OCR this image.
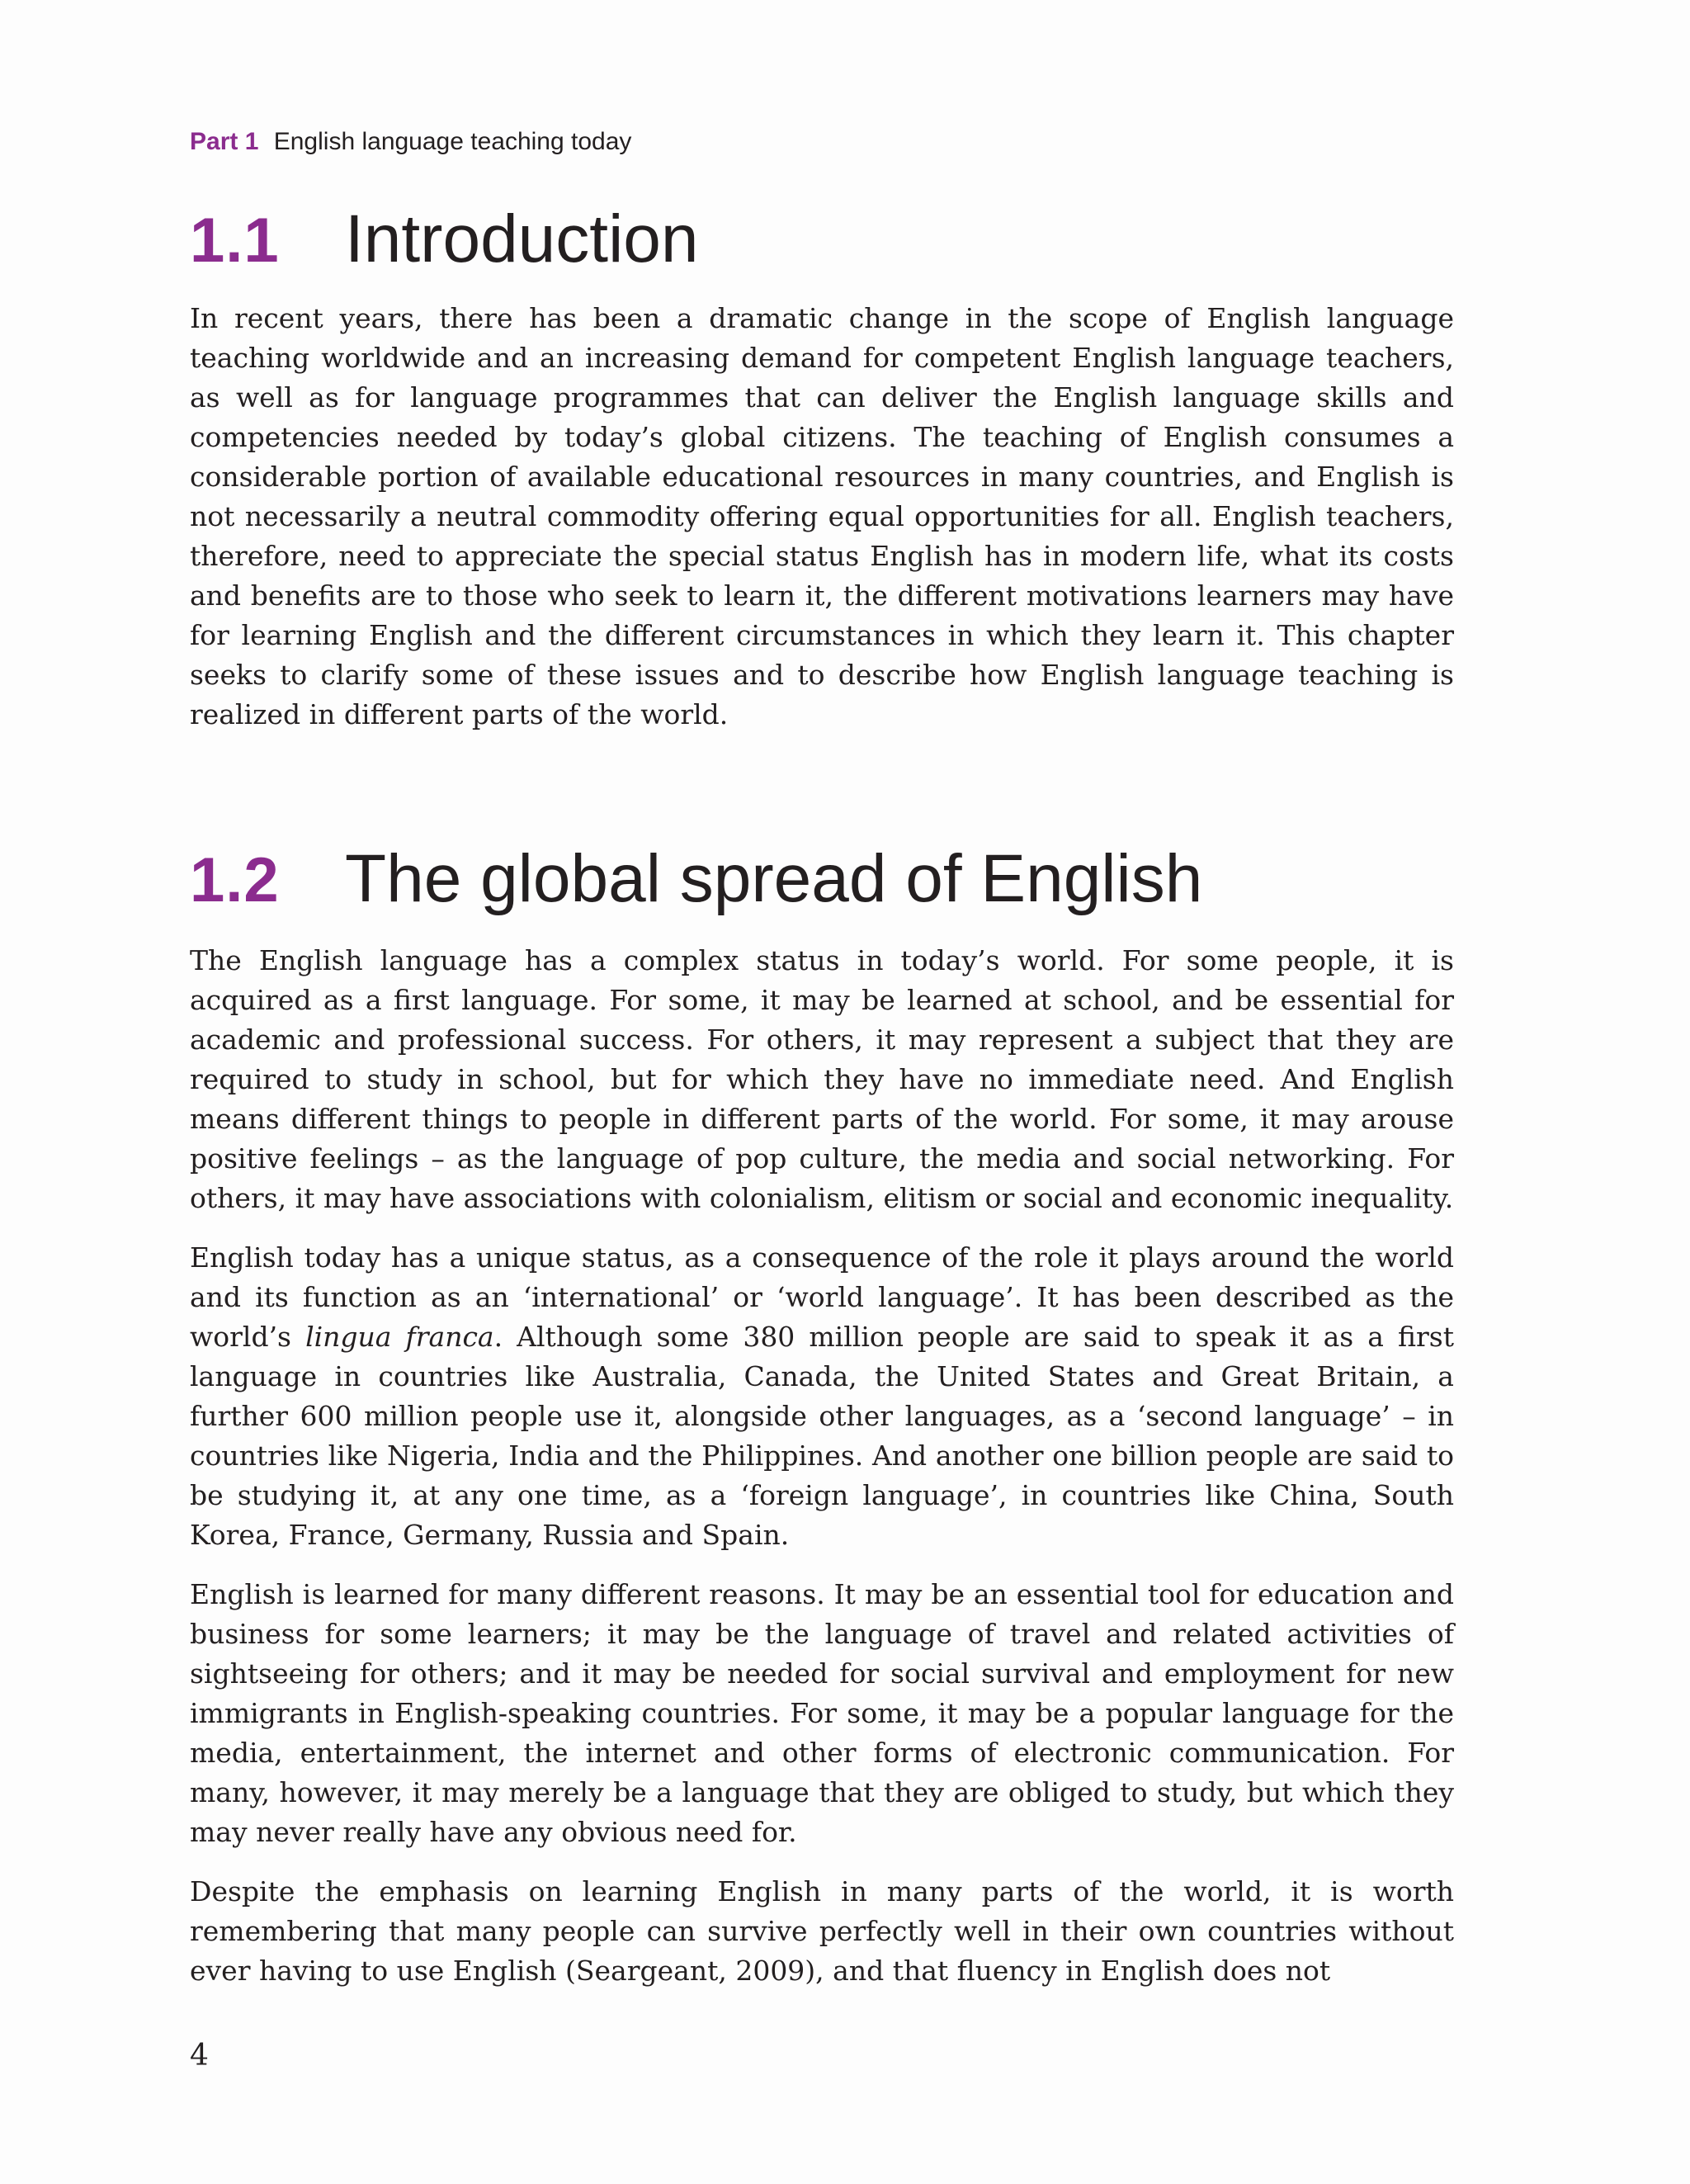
Part 1 English language teaching today
1.1 Introduction

In recent years, there has been a dramatic change in the scope of English language teaching worldwide and an increasing demand for competent English language teachers, as well as for language programmes that can deliver the English language skills and competencies needed by today’s global citizens. The teaching of English consumes a considerable portion of available educational resources in many countries, and English is not necessarily a neutral commodity offering equal opportunities for all. English teachers, therefore, need to appreciate the special status English has in modern life, what its costs and benefits are to those who seek to learn it, the different motivations learners may have for learning English and the different circumstances in which they learn it. This chapter seeks to clarify some of these issues and to describe how English language teaching is realized in different parts of the world.

1.2 The global spread of English

The English language has a complex status in today’s world. For some people, it is acquired as a first language. For some, it may be learned at school, and be essential for academic and professional success. For others, it may represent a subject that they are required to study in school, but for which they have no immediate need. And English means different things to people in different parts of the world. For some, it may arouse positive feelings – as the language of pop culture, the media and social networking. For others, it may have associations with colonialism, elitism or social and economic inequality.

English today has a unique status, as a consequence of the role it plays around the world and its function as an ‘international’ or ‘world language’. It has been described as the world’s lingua franca. Although some 380 million people are said to speak it as a first language in countries like Australia, Canada, the United States and Great Britain, a further 600 million people use it, alongside other languages, as a ‘second language’ – in countries like Nigeria, India and the Philippines. And another one billion people are said to be studying it, at any one time, as a ‘foreign language’, in countries like China, South Korea, France, Germany, Russia and Spain.

English is learned for many different reasons. It may be an essential tool for education and business for some learners; it may be the language of travel and related activities of sightseeing for others; and it may be needed for social survival and employment for new immigrants in English-speaking countries. For some, it may be a popular language for the media, entertainment, the internet and other forms of electronic communication. For many, however, it may merely be a language that they are obliged to study, but which they may never really have any obvious need for.

Despite the emphasis on learning English in many parts of the world, it is worth remembering that many people can survive perfectly well in their own countries without ever having to use English (Seargeant, 2009), and that fluency in English does not

4
